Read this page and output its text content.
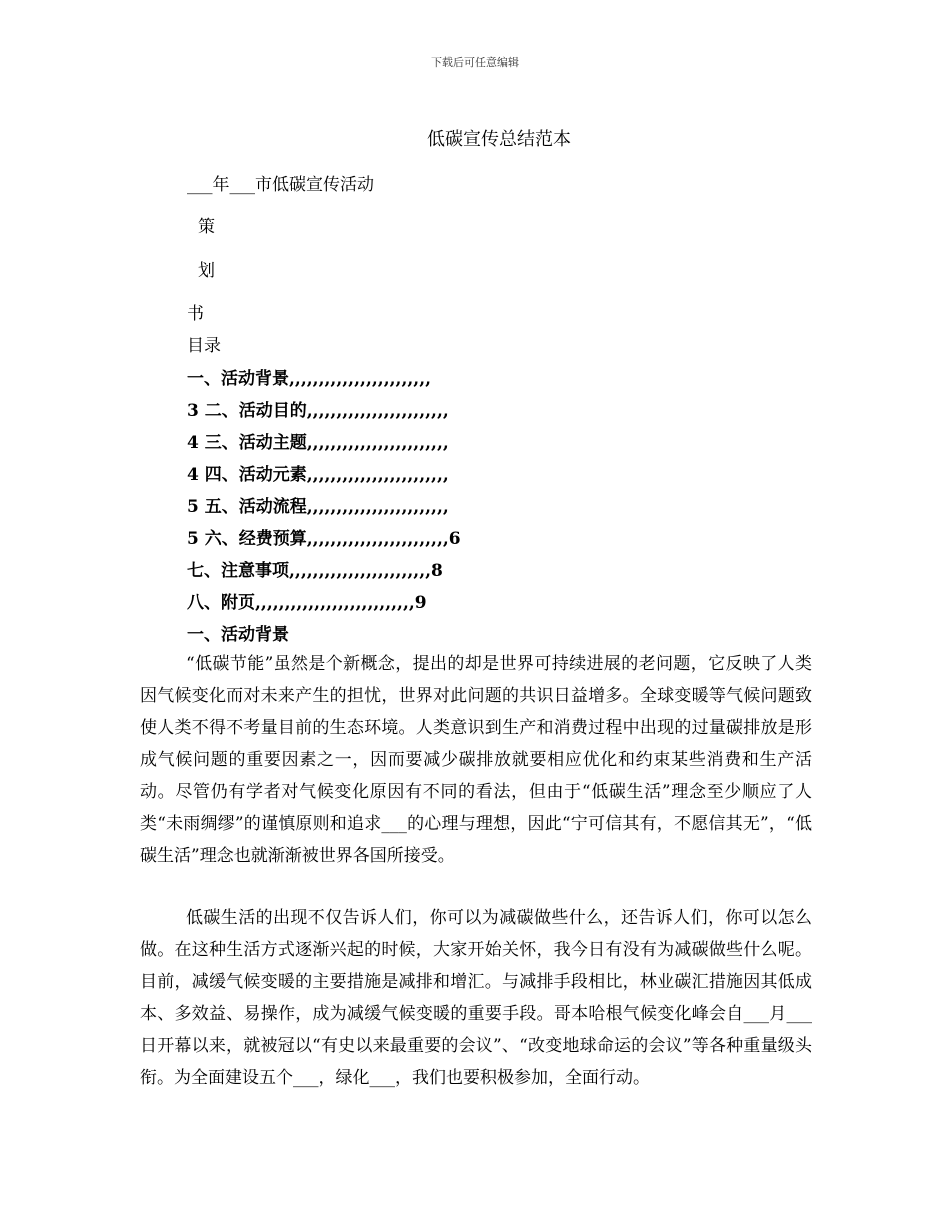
下载后可任意编辑
低碳宣传总结范本
___年___市低碳宣传活动
策
划
书
目录
一、活动背景,,,,,,,,,,,,,,,,,,,,,,,,
3 二、活动目的,,,,,,,,,,,,,,,,,,,,,,,,
4 三、活动主题,,,,,,,,,,,,,,,,,,,,,,,,
4 四、活动元素,,,,,,,,,,,,,,,,,,,,,,,,
5 五、活动流程,,,,,,,,,,,,,,,,,,,,,,,,
5 六、经费预算,,,,,,,,,,,,,,,,,,,,,,,,6
七、注意事项,,,,,,,,,,,,,,,,,,,,,,,,8
八、附页,,,,,,,,,,,,,,,,,,,,,,,,,,,9
一、活动背景
“低碳节能”虽然是个新概念，提出的却是世界可持续进展的老问题，它反映了人类因气候变化而对未来产生的担忧，世界对此问题的共识日益增多。全球变暖等气候问题致使人类不得不考量目前的生态环境。人类意识到生产和消费过程中出现的过量碳排放是形成气候问题的重要因素之一，因而要减少碳排放就要相应优化和约束某些消费和生产活动。尽管仍有学者对气候变化原因有不同的看法，但由于“低碳生活”理念至少顺应了人类“未雨绸缪”的谨慎原则和追求___的心理与理想，因此“宁可信其有，不愿信其无”，“低碳生活”理念也就渐渐被世界各国所接受。
低碳生活的出现不仅告诉人们，你可以为减碳做些什么，还告诉人们，你可以怎么做。在这种生活方式逐渐兴起的时候，大家开始关怀，我今日有没有为减碳做些什么呢。目前，减缓气候变暖的主要措施是减排和增汇。与减排手段相比，林业碳汇措施因其低成本、多效益、易操作，成为减缓气候变暖的重要手段。哥本哈根气候变化峰会自___月___日开幕以来，就被冠以“有史以来最重要的会议”、“改变地球命运的会议”等各种重量级头衔。为全面建设五个___，绿化___，我们也要积极参加，全面行动。
